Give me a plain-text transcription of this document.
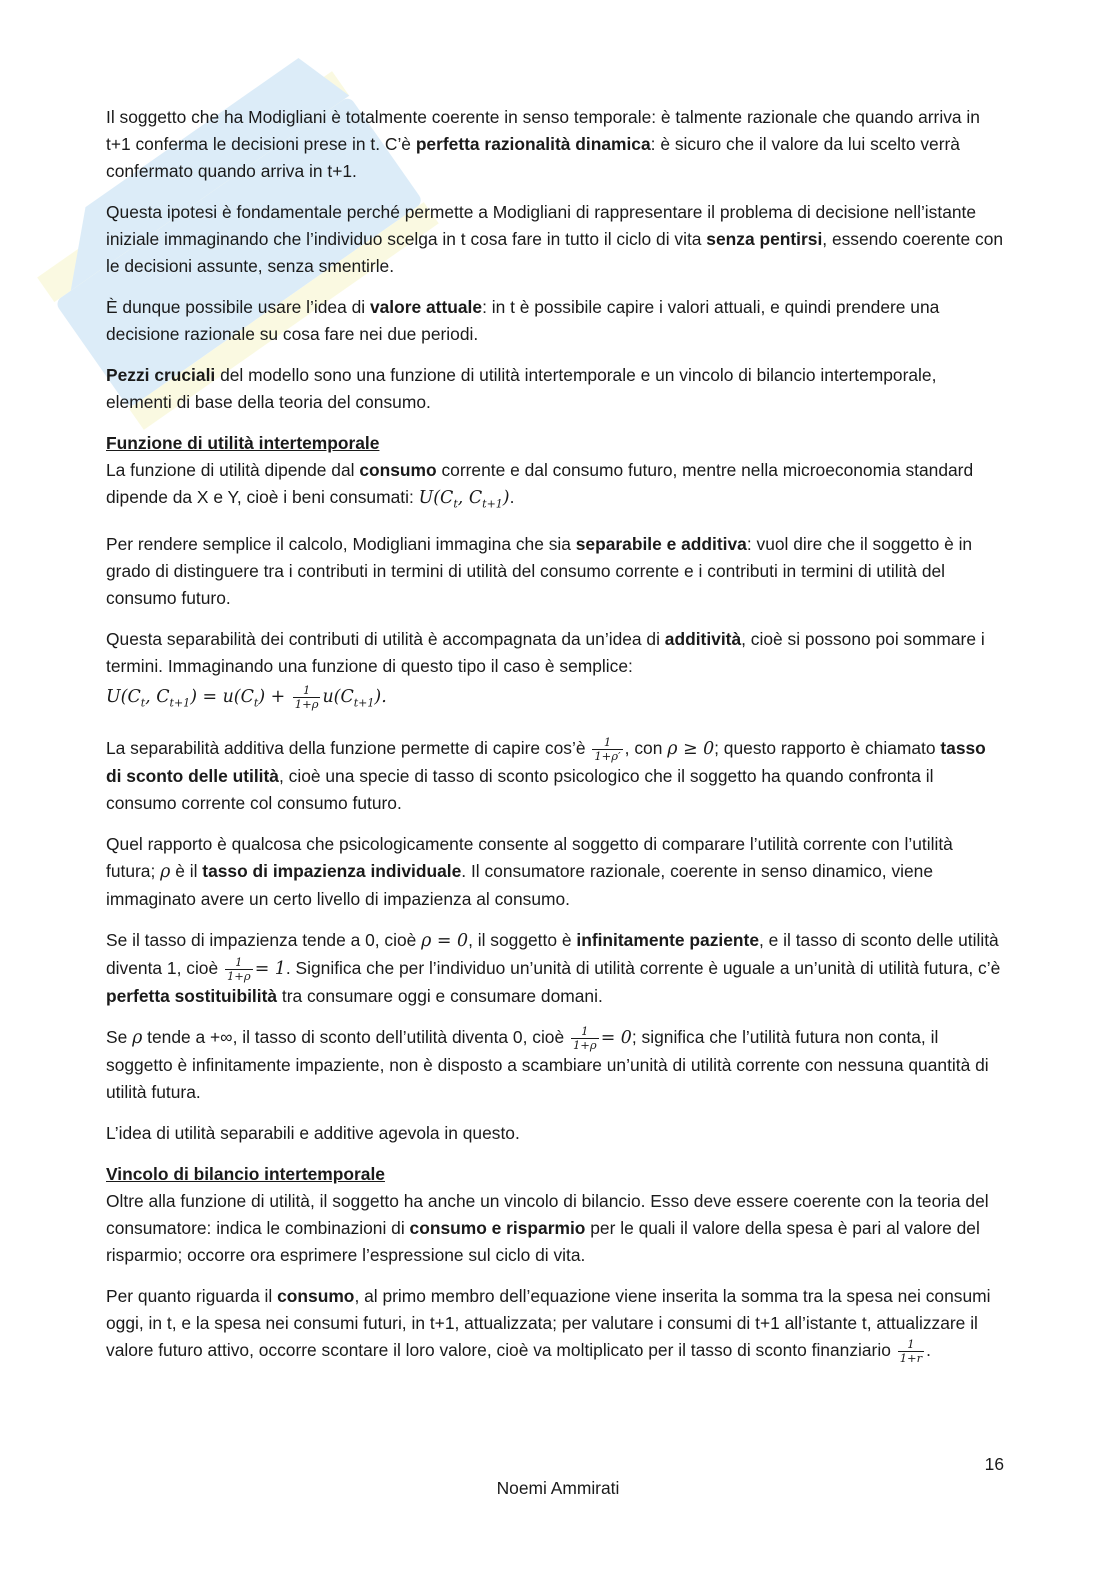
Il soggetto che ha Modigliani è totalmente coerente in senso temporale: è talmente razionale che quando arriva in t+1 conferma le decisioni prese in t. C’è perfetta razionalità dinamica: è sicuro che il valore da lui scelto verrà confermato quando arriva in t+1.

Questa ipotesi è fondamentale perché permette a Modigliani di rappresentare il problema di decisione nell’istante iniziale immaginando che l’individuo scelga in t cosa fare in tutto il ciclo di vita senza pentirsi, essendo coerente con le decisioni assunte, senza smentirle.

È dunque possibile usare l’idea di valore attuale: in t è possibile capire i valori attuali, e quindi prendere una decisione razionale su cosa fare nei due periodi.

Pezzi cruciali del modello sono una funzione di utilità intertemporale e un vincolo di bilancio intertemporale, elementi di base della teoria del consumo.

Funzione di utilità intertemporale

La funzione di utilità dipende dal consumo corrente e dal consumo futuro, mentre nella microeconomia standard dipende da X e Y, cioè i beni consumati: $U(C_t$, $C_{t+1}$).

Per rendere semplice il calcolo, Modigliani immagina che sia separabile e additiva: vuol dire che il soggetto è in grado di distinguere tra i contributi in termini di utilità del consumo corrente e i contributi in termini di utilità del consumo futuro.

Questa separabilità dei contributi di utilità è accompagnata da un’idea di additività, cioè si possono poi sommare i termini. Immaginando una funzione di questo tipo il caso è semplice:

$U(C_t$, $C_{t+1}) = u(C_t) + \frac{1}{1+\rho} u(C_{t+1})$.

La separabilità additiva della funzione permette di capire cos’è $\frac{1}{1+\rho'}$ , con ρ ≥ 0; questo rapporto è chiamato tasso di sconto delle utilità, cioè una specie di tasso di sconto psicologico che il soggetto ha quando confronta il consumo corrente col consumo futuro.

Quel rapporto è qualcosa che psicologicamente consente al soggetto di comparare l’utilità corrente con l’utilità futura; ρ è il tasso di impazienza individuale. Il consumatore razionale, coerente in senso dinamico, viene immaginato avere un certo livello di impazienza al consumo.

Se il tasso di impazienza tende a 0, cioè ρ = 0, il soggetto è infinitamente paziente, e il tasso di sconto delle utilità diventa 1, cioè $\frac{1}{1+\rho} = 1$. Significa che per l’individuo un’unità di utilità corrente è uguale a un’unità di utilità futura, c’è perfetta sostituibilità tra consumare oggi e consumare domani.

Se ρ tende a +∞, il tasso di sconto dell’utilità diventa 0, cioè $\frac{1}{1+\rho} = 0$; significa che l’utilità futura non conta, il soggetto è infinitamente impaziente, non è disposto a scambiare un’unità di utilità corrente con nessuna quantità di utilità futura.

L’idea di utilità separabili e additive agevola in questo.

Vincolo di bilancio intertemporale

Oltre alla funzione di utilità, il soggetto ha anche un vincolo di bilancio. Esso deve essere coerente con la teoria del consumatore: indica le combinazioni di consumo e risparmio per le quali il valore della spesa è pari al valore del risparmio; occorre ora esprimere l’espressione sul ciclo di vita.

Per quanto riguarda il consumo, al primo membro dell’equazione viene inserita la somma tra la spesa nei consumi oggi, in t, e la spesa nei consumi futuri, in t+1, attualizzata; per valutare i consumi di t+1 all’istante t, attualizzare il valore futuro attivo, occorre scontare il loro valore, cioè va moltiplicato per il tasso di sconto finanziario $\frac{1}{1+r}$ .

16
Noemi Ammirati
